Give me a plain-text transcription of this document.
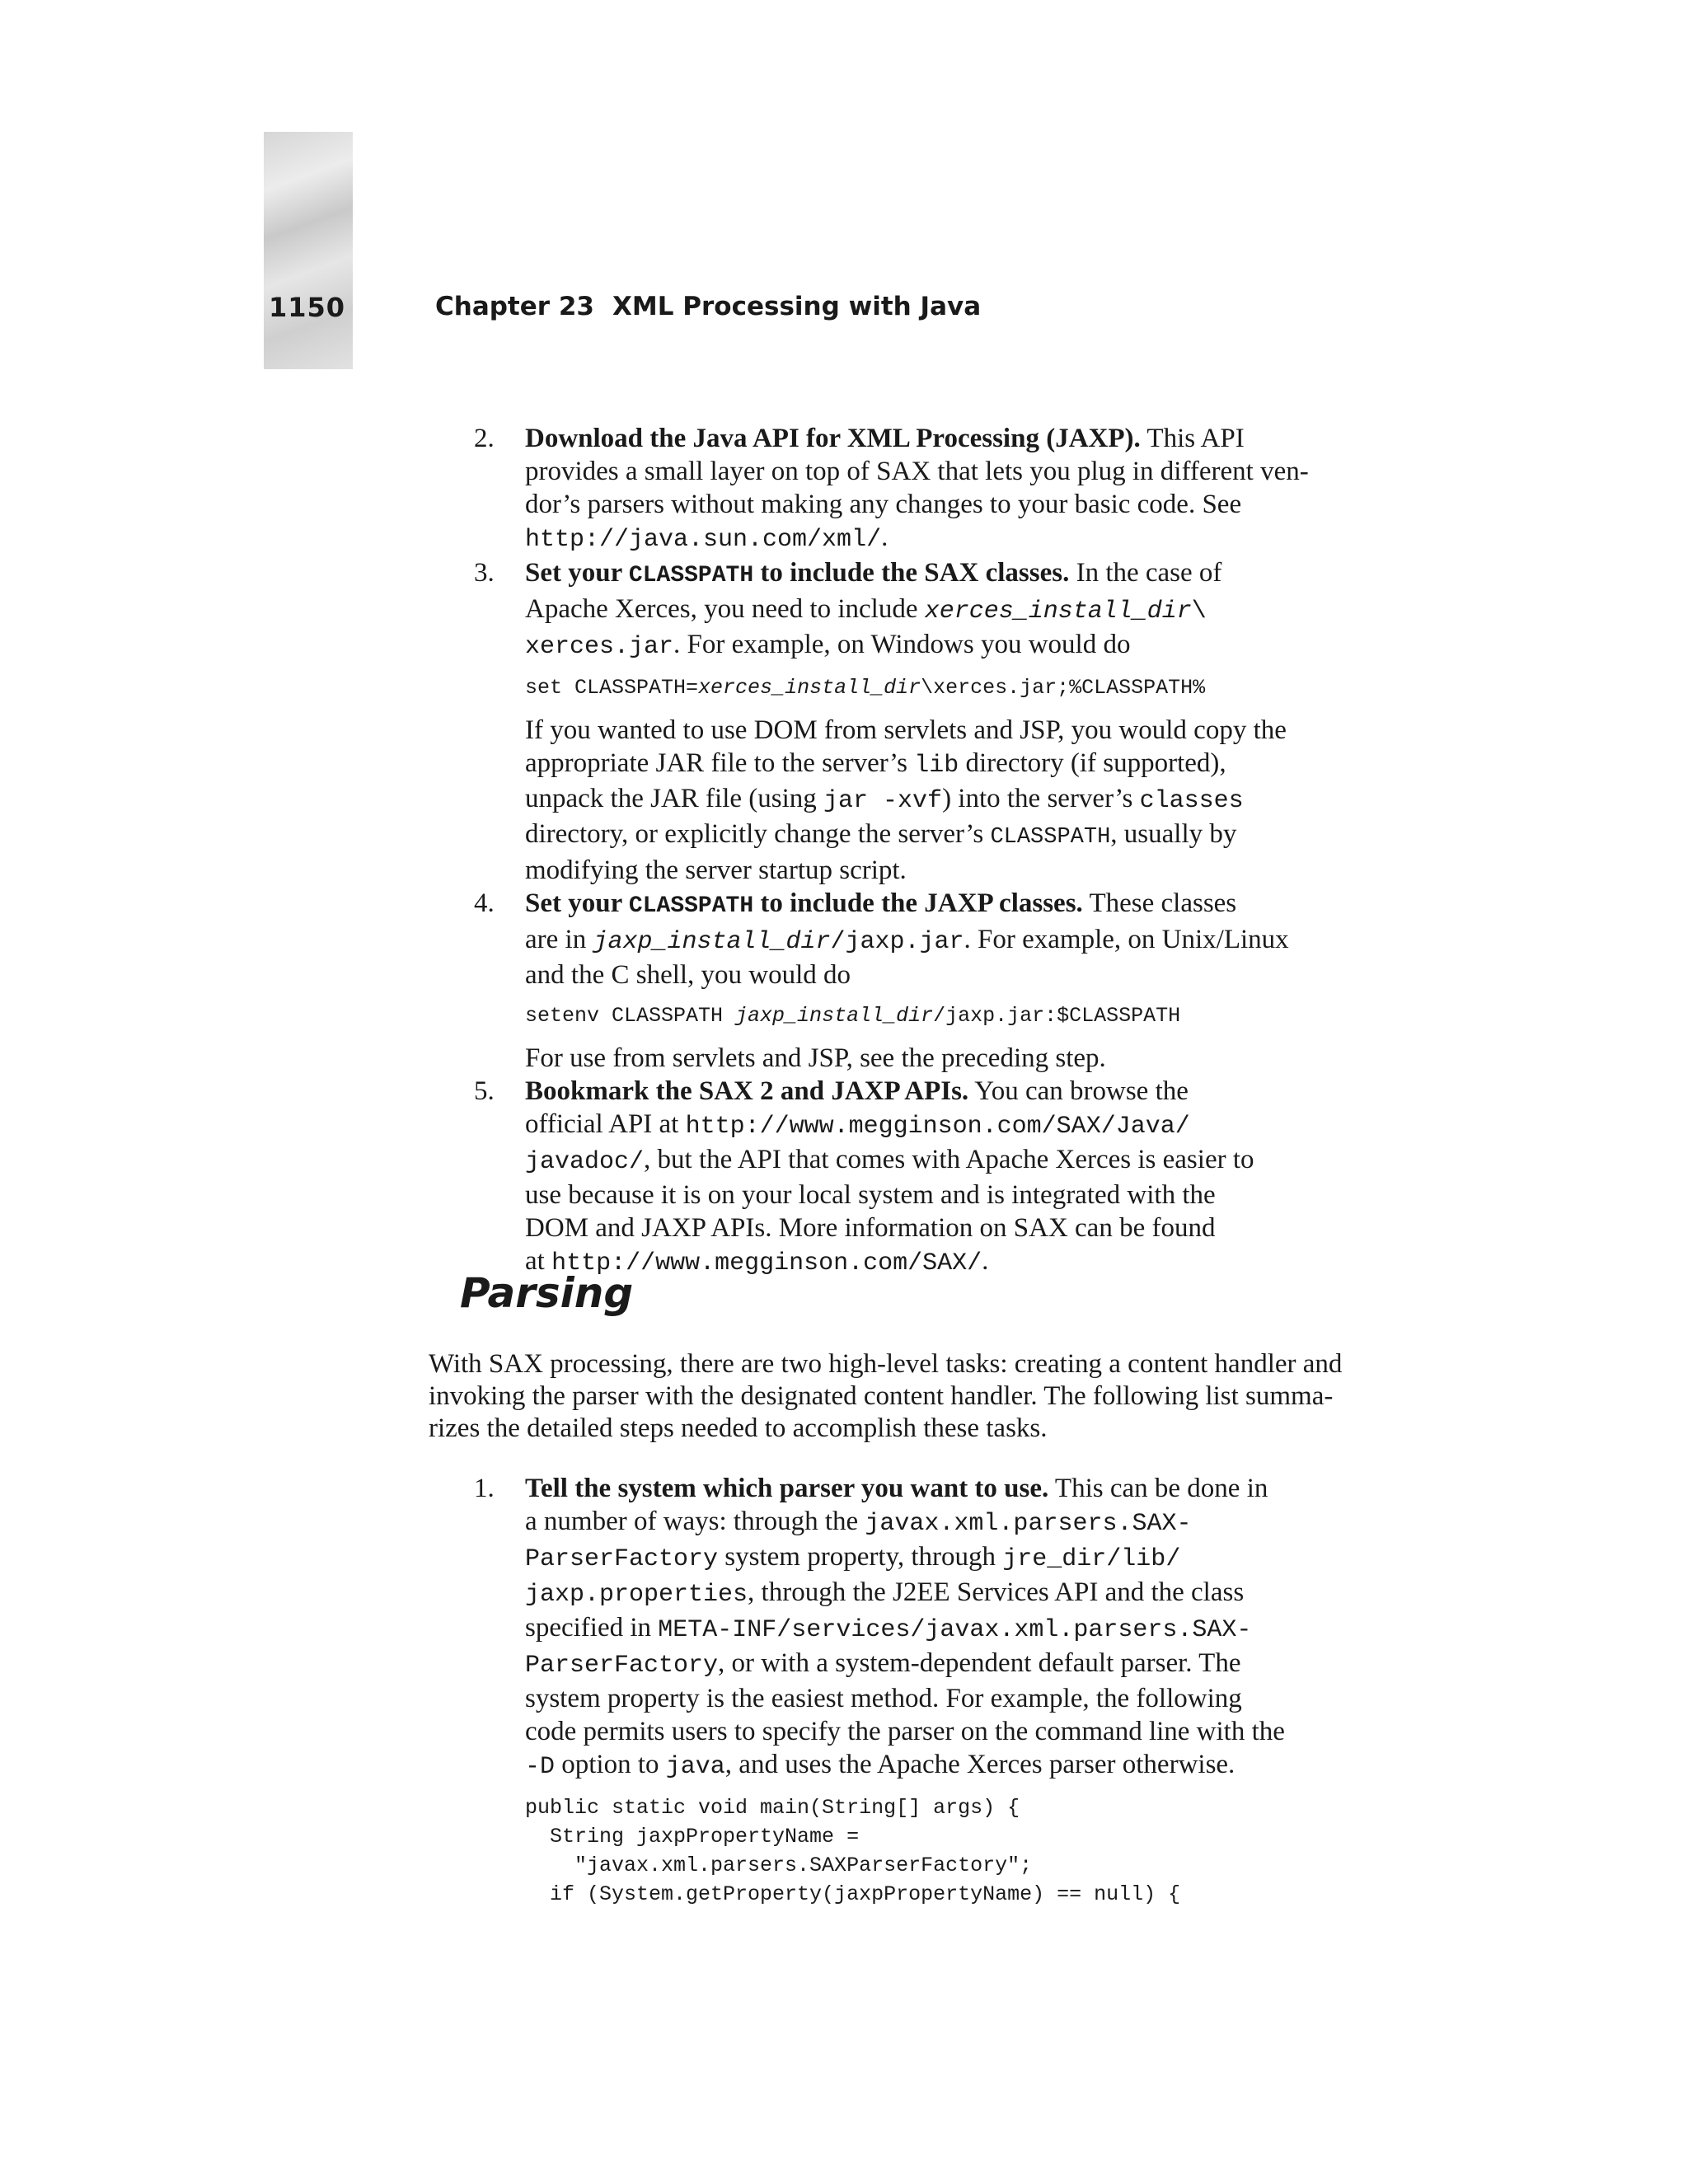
1150	Chapter 23 XML Processing with Java
2. Download the Java API for XML Processing (JAXP). This API
provides a small layer on top of SAX that lets you plug in different ven-
dor’s parsers without making any changes to your basic code. See
http://java.sun.com/xml/.

3. Set your CLASSPATH to include the SAX classes. In the case of
Apache Xerces, you need to include xerces_install_dir\
xerces.jar. For example, on Windows you would do

set CLASSPATH=xerces_install_dir\xerces.jar;%CLASSPATH%

If you wanted to use DOM from servlets and JSP, you would copy the
appropriate JAR file to the server’s lib directory (if supported),
unpack the JAR file (using jar -xvf) into the server’s classes
directory, or explicitly change the server’s CLASSPATH, usually by
modifying the server startup script.

4. Set your CLASSPATH to include the JAXP classes. These classes
are in jaxp_install_dir/jaxp.jar. For example, on Unix/Linux
and the C shell, you would do

setenv CLASSPATH jaxp_install_dir/jaxp.jar:$CLASSPATH

For use from servlets and JSP, see the preceding step.

5. Bookmark the SAX 2 and JAXP APIs. You can browse the
official API at http://www.megginson.com/SAX/Java/
javadoc/, but the API that comes with Apache Xerces is easier to
use because it is on your local system and is integrated with the
DOM and JAXP APIs. More information on SAX can be found
at http://www.megginson.com/SAX/.

Parsing

With SAX processing, there are two high-level tasks: creating a content handler and
invoking the parser with the designated content handler. The following list summa-
rizes the detailed steps needed to accomplish these tasks.

1. Tell the system which parser you want to use. This can be done in
a number of ways: through the javax.xml.parsers.SAX-
ParserFactory system property, through jre_dir/lib/
jaxp.properties, through the J2EE Services API and the class
specified in META-INF/services/javax.xml.parsers.SAX-
ParserFactory, or with a system-dependent default parser. The
system property is the easiest method. For example, the following
code permits users to specify the parser on the command line with the
-D option to java, and uses the Apache Xerces parser otherwise.

public static void main(String[] args) {

String jaxpPropertyName =

"javax.xml.parsers.SAXParserFactory";

if (System.getProperty(jaxpPropertyName) == null) {
